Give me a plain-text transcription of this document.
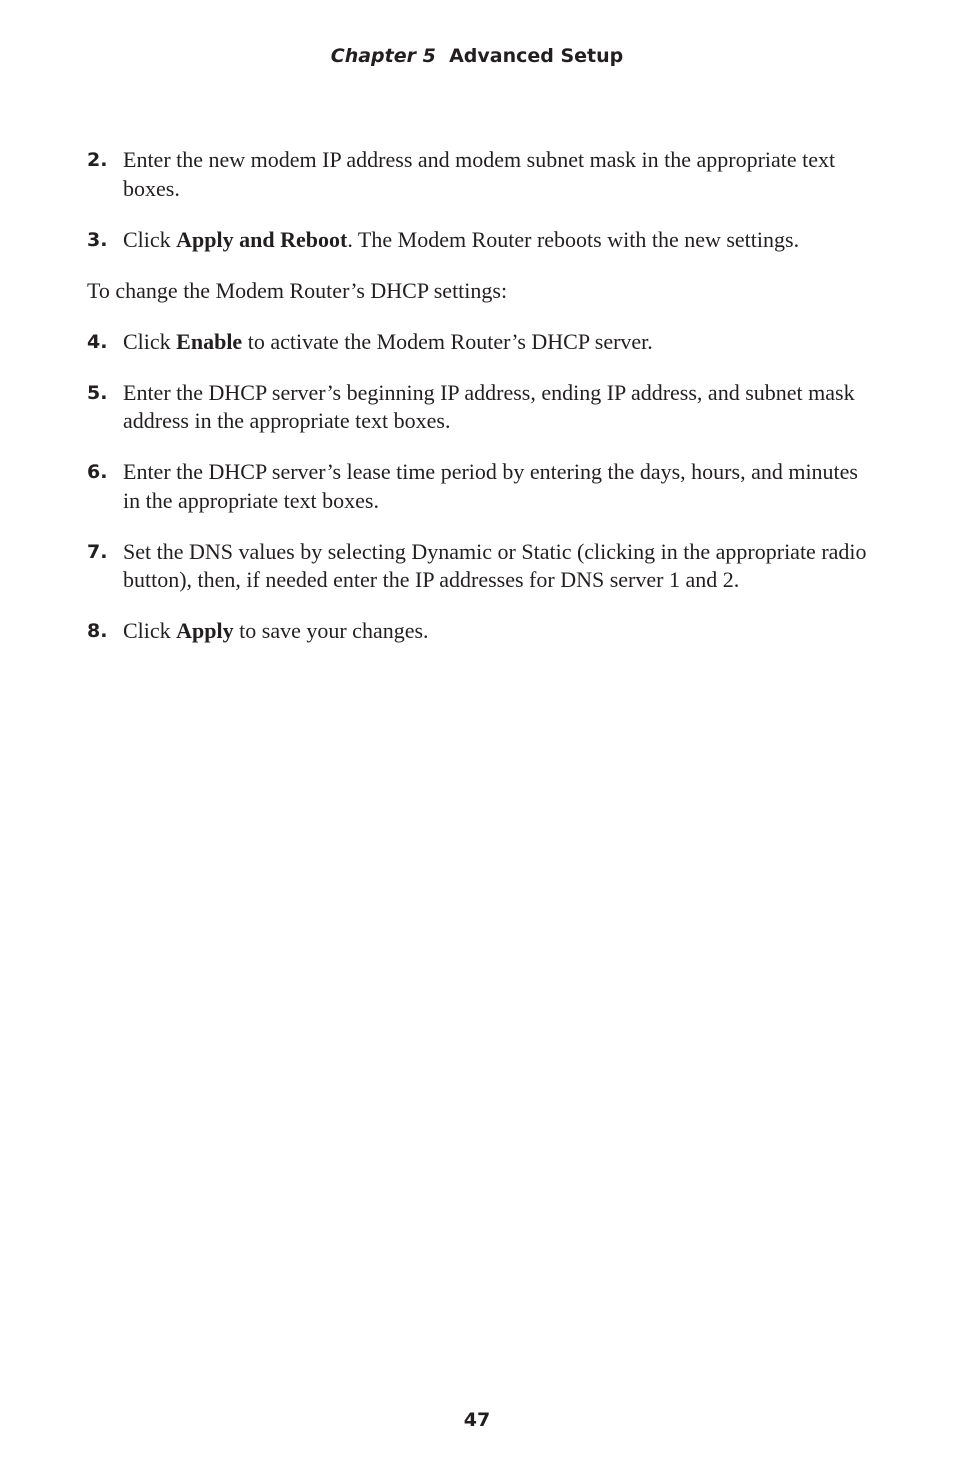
Chapter 5 Advanced Setup
2. Enter the new modem IP address and modem subnet mask in the appropriate text boxes.
3. Click Apply and Reboot. The Modem Router reboots with the new settings.
To change the Modem Router’s DHCP settings:
4. Click Enable to activate the Modem Router’s DHCP server.
5. Enter the DHCP server’s beginning IP address, ending IP address, and subnet mask address in the appropriate text boxes.
6. Enter the DHCP server’s lease time period by entering the days, hours, and minutes in the appropriate text boxes.
7. Set the DNS values by selecting Dynamic or Static (clicking in the appropriate radio button), then, if needed enter the IP addresses for DNS server 1 and 2.
8. Click Apply to save your changes.
47
